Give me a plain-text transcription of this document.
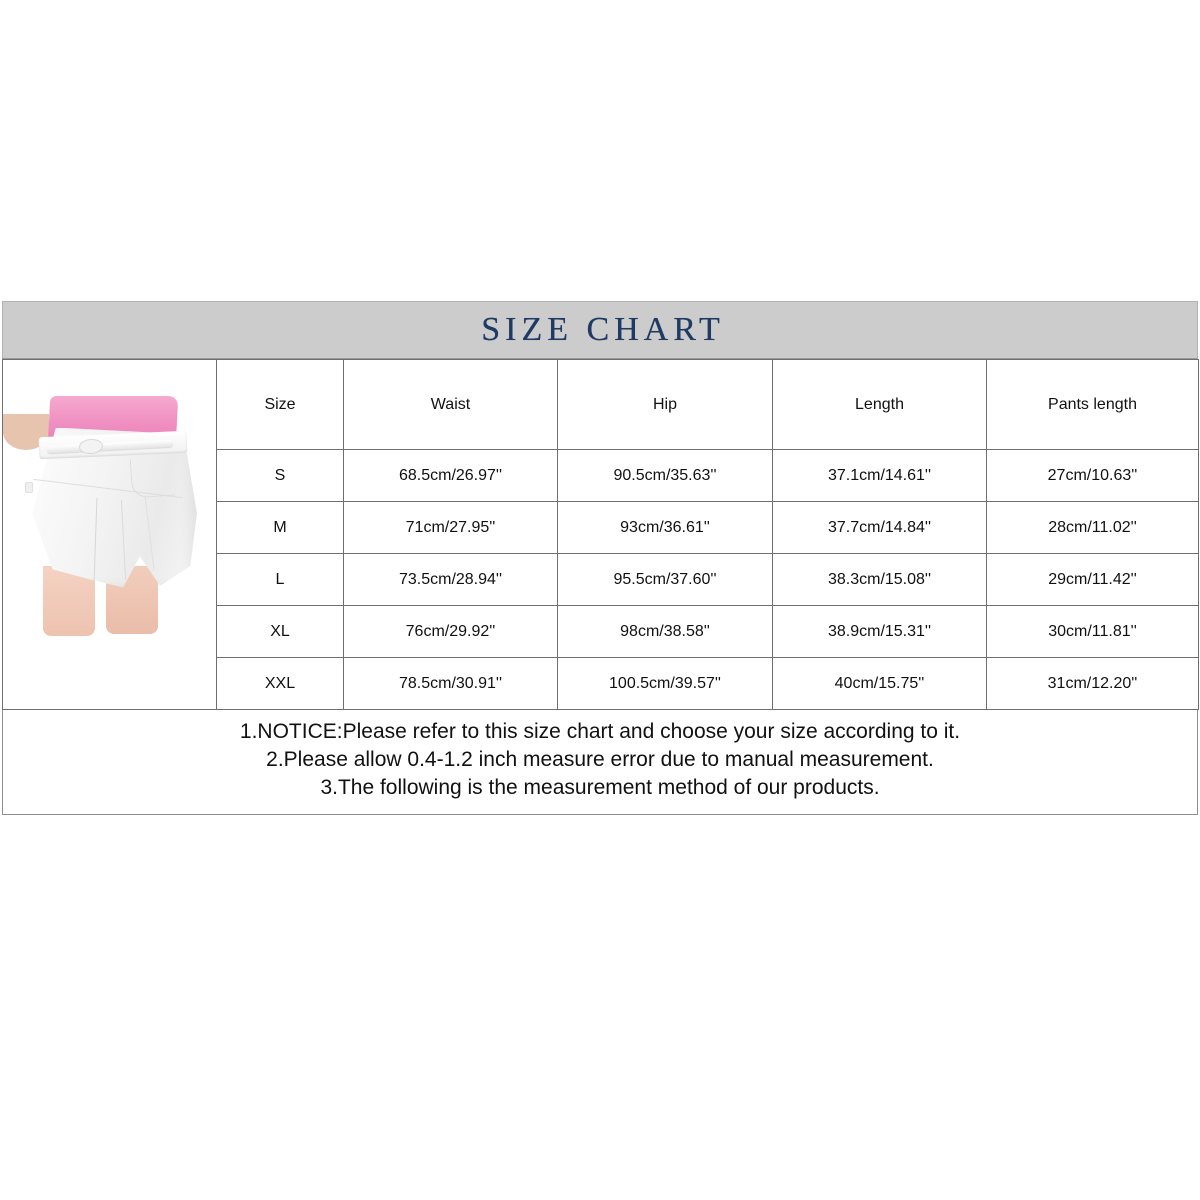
SIZE CHART
	Size	Waist	Hip	Length	Pants length
	S	68.5cm/26.97''	90.5cm/35.63''	37.1cm/14.61''	27cm/10.63''
	M	71cm/27.95''	93cm/36.61''	37.7cm/14.84''	28cm/11.02''
	L	73.5cm/28.94''	95.5cm/37.60''	38.3cm/15.08''	29cm/11.42''
	XL	76cm/29.92''	98cm/38.58''	38.9cm/15.31''	30cm/11.81''
	XXL	78.5cm/30.91''	100.5cm/39.57''	40cm/15.75''	31cm/12.20''
1.NOTICE:Please refer to this size chart and choose your size according to it.
2.Please allow 0.4-1.2 inch measure error due to manual measurement.
3.The following is the measurement method of our products.
